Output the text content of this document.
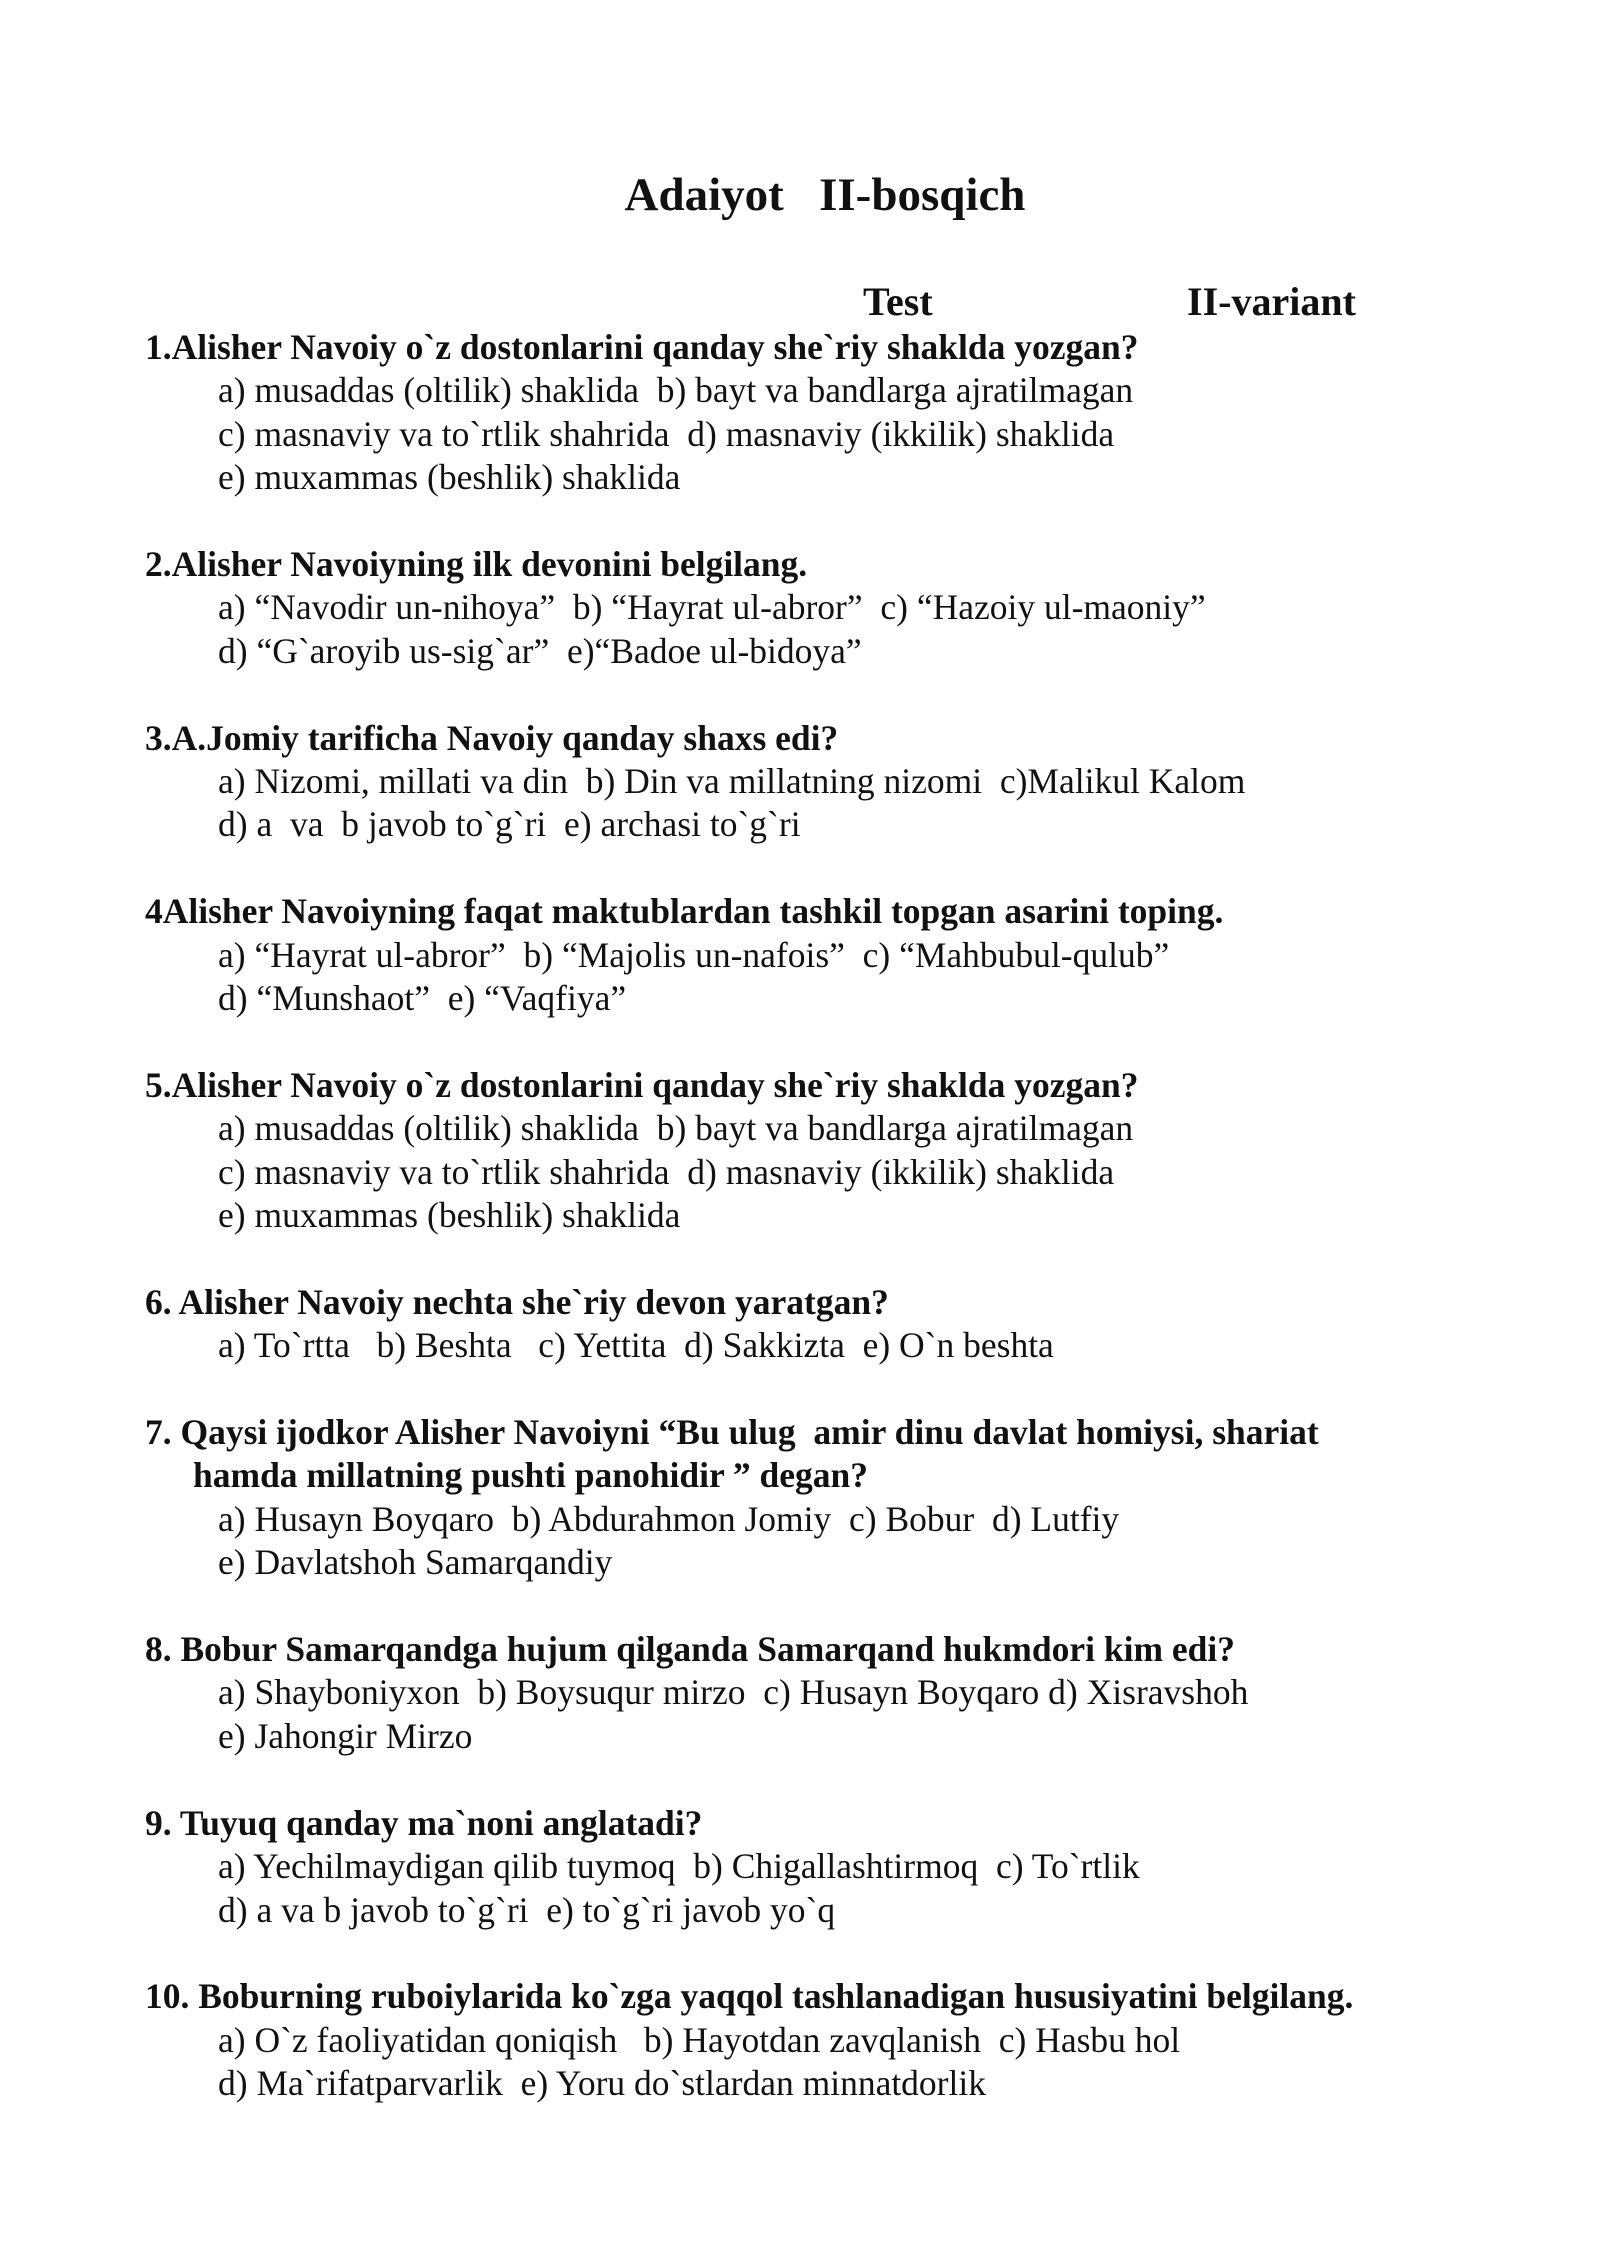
Adaiyot   II-bosqich
Test	II-variant
1.Alisher Navoiy o`z dostonlarini qanday she`riy shaklda yozgan?
a) musaddas (oltilik) shaklida  b) bayt va bandlarga ajratilmagan
c) masnaviy va to`rtlik shahrida  d) masnaviy (ikkilik) shaklida
e) muxammas (beshlik) shaklida
2.Alisher Navoiyning ilk devonini belgilang.
a) “Navodir un-nihoya”  b) “Hayrat ul-abror”  c) “Hazoiy ul-maoniy”
d) “G`aroyib us-sig`ar”  e)“Badoe ul-bidoya”
3.A.Jomiy tarificha Navoiy qanday shaxs edi?
a) Nizomi, millati va din  b) Din va millatning nizomi  c)Malikul Kalom
d) a  va  b javob to`g`ri  e) archasi to`g`ri
4Alisher Navoiyning faqat maktublardan tashkil topgan asarini toping.
a) “Hayrat ul-abror”  b) “Majolis un-nafois”  c) “Mahbubul-qulub”
d) “Munshaot”  e) “Vaqfiya”
5.Alisher Navoiy o`z dostonlarini qanday she`riy shaklda yozgan?
a) musaddas (oltilik) shaklida  b) bayt va bandlarga ajratilmagan
c) masnaviy va to`rtlik shahrida  d) masnaviy (ikkilik) shaklida
e) muxammas (beshlik) shaklida
6. Alisher Navoiy nechta she`riy devon yaratgan?
a) To`rtta   b) Beshta   c) Yettita  d) Sakkizta  e) O`n beshta
7. Qaysi ijodkor Alisher Navoiyni “Bu ulug  amir dinu davlat homiysi, shariat
hamda millatning pushti panohidir ” degan?
a) Husayn Boyqaro  b) Abdurahmon Jomiy  c) Bobur  d) Lutfiy
e) Davlatshoh Samarqandiy
8. Bobur Samarqandga hujum qilganda Samarqand hukmdori kim edi?
a) Shayboniyxon  b) Boysuqur mirzo  c) Husayn Boyqaro d) Xisravshoh
e) Jahongir Mirzo
9. Tuyuq qanday ma`noni anglatadi?
a) Yechilmaydigan qilib tuymoq  b) Chigallashtirmoq  c) To`rtlik
d) a va b javob to`g`ri  e) to`g`ri javob yo`q
10. Boburning ruboiylarida ko`zga yaqqol tashlanadigan hususiyatini belgilang.
a) O`z faoliyatidan qoniqish   b) Hayotdan zavqlanish  c) Hasbu hol
d) Ma`rifatparvarlik  e) Yoru do`stlardan minnatdorlik
